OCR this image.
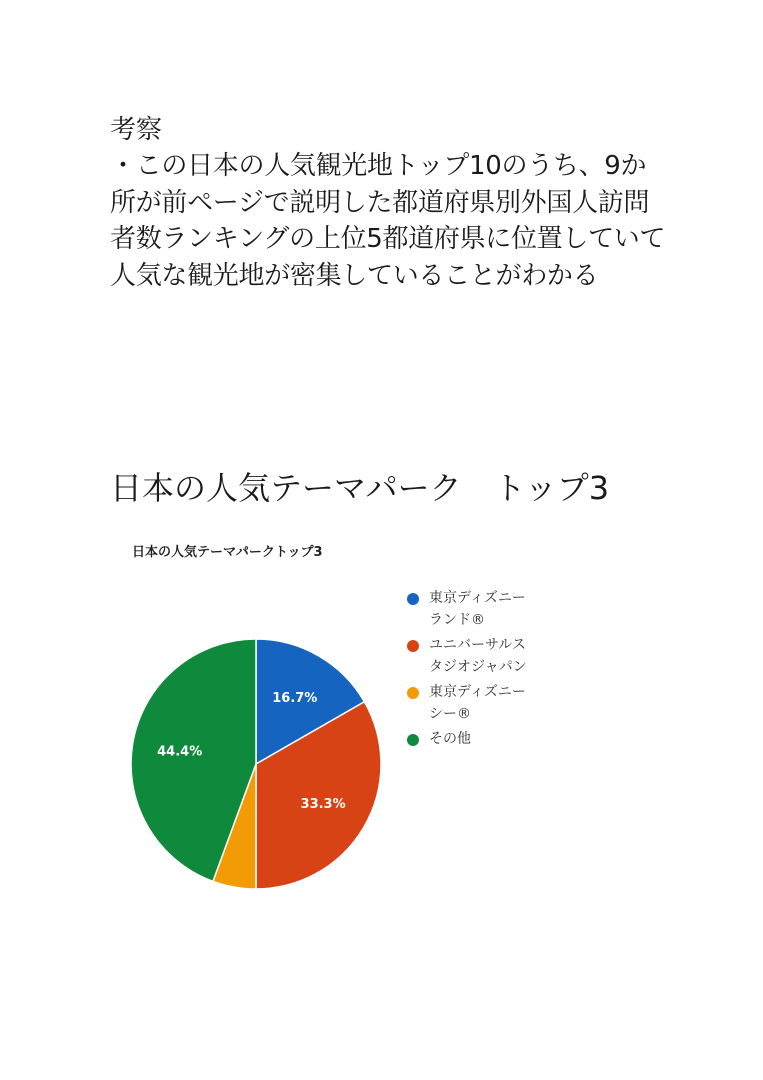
考察

・この日本の人気観光地トップ10のうち、9か所が前ページで説明した都道府県別外国人訪問者数ランキングの上位5都道府県に位置していて人気な観光地が密集していることがわかる

日本の人気テーマパーク　トップ3
16.7%
33.3%
44.4%

日本の人気テーマパークトップ3

東京ディズニーランド®
ユニバーサルスタジオジャパン
東京ディズニーシー®
その他
